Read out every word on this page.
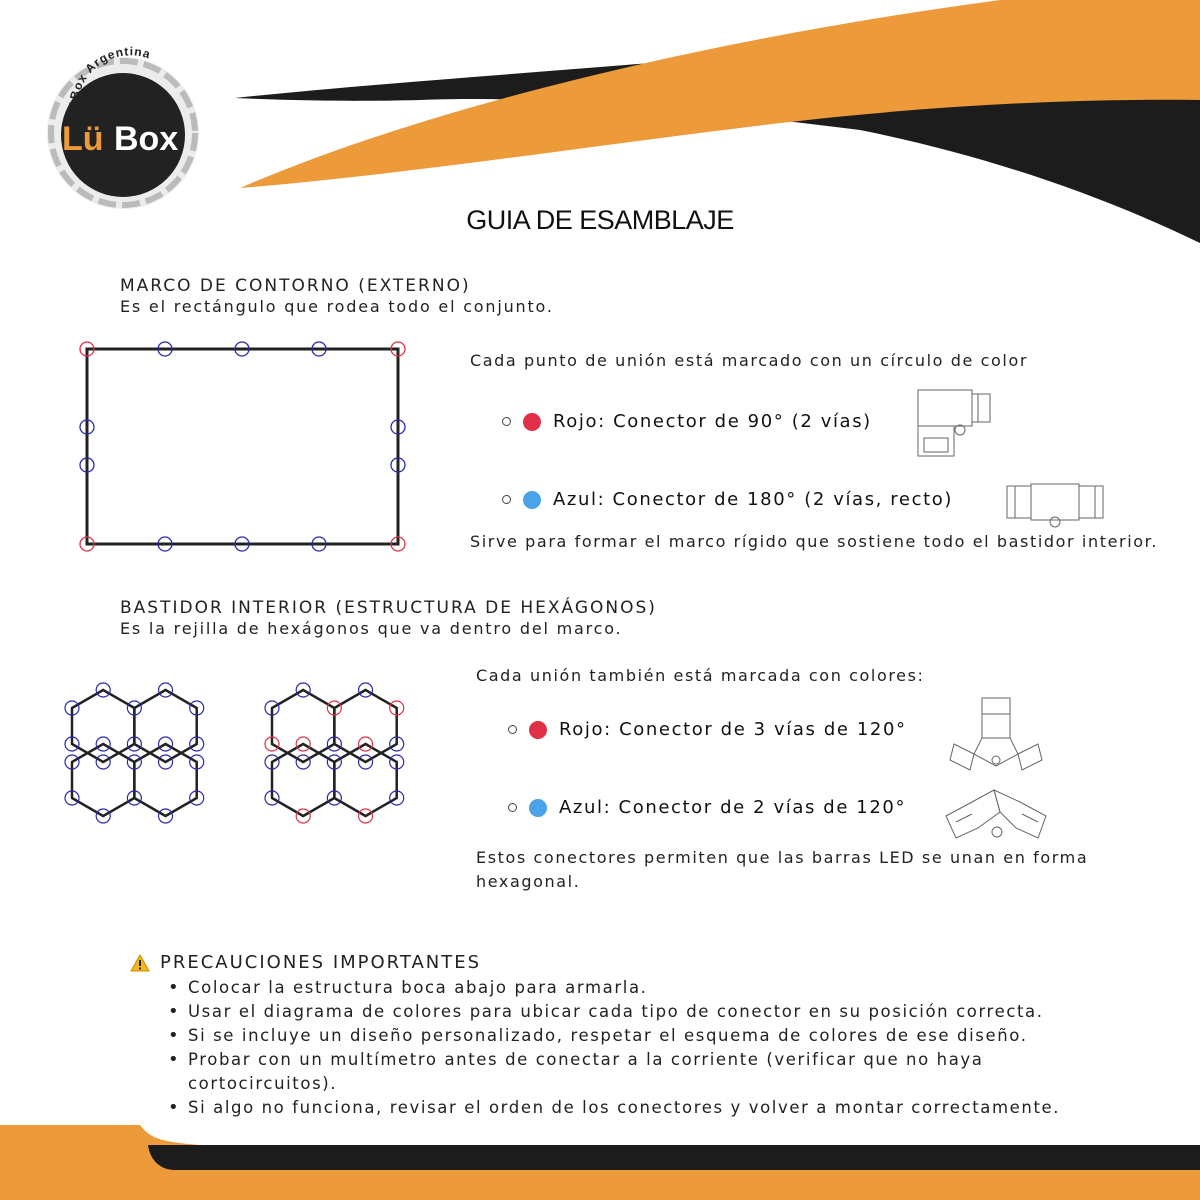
LüBox Argentina
Lü Box
GUIA DE ESAMBLAJE
MARCO DE CONTORNO (EXTERNO)
Es el rectángulo que rodea todo el conjunto.
Cada punto de unión está marcado con un círculo de color
Rojo: Conector de 90° (2 vías)
Azul: Conector de 180° (2 vías, recto)
Sirve para formar el marco rígido que sostiene todo el bastidor interior.
BASTIDOR INTERIOR (ESTRUCTURA DE HEXÁGONOS)
Es la rejilla de hexágonos que va dentro del marco.
Cada unión también está marcada con colores:
Rojo: Conector de 3 vías de 120°
Azul: Conector de 2 vías de 120°
Estos conectores permiten que las barras LED se unan en forma
hexagonal.
PRECAUCIONES IMPORTANTES
• Colocar la estructura boca abajo para armarla.
• Usar el diagrama de colores para ubicar cada tipo de conector en su posición correcta.
• Si se incluye un diseño personalizado, respetar el esquema de colores de ese diseño.
• Probar con un multímetro antes de conectar a la corriente (verificar que no haya cortocircuitos).
• Si algo no funciona, revisar el orden de los conectores y volver a montar correctamente.
